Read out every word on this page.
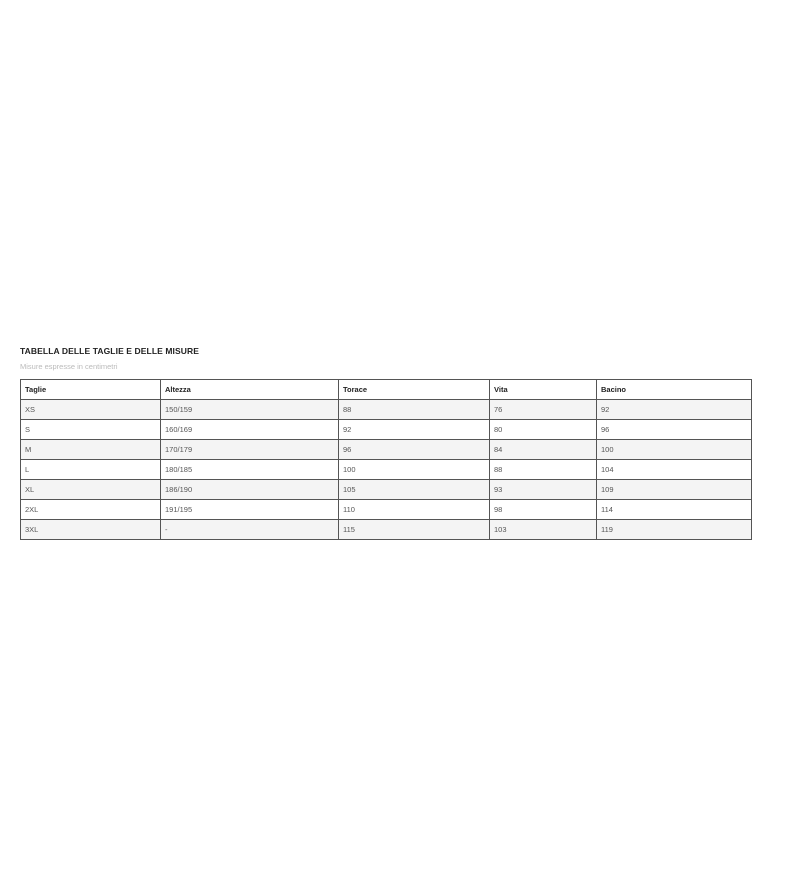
TABELLA DELLE TAGLIE E DELLE MISURE

Misure espresse in centimetri

Taglie	Altezza	Torace	Vita	Bacino
XS	150/159	88	76	92
S	160/169	92	80	96
M	170/179	96	84	100
L	180/185	100	88	104
XL	186/190	105	93	109
2XL	191/195	110	98	114
3XL	-	115	103	119
